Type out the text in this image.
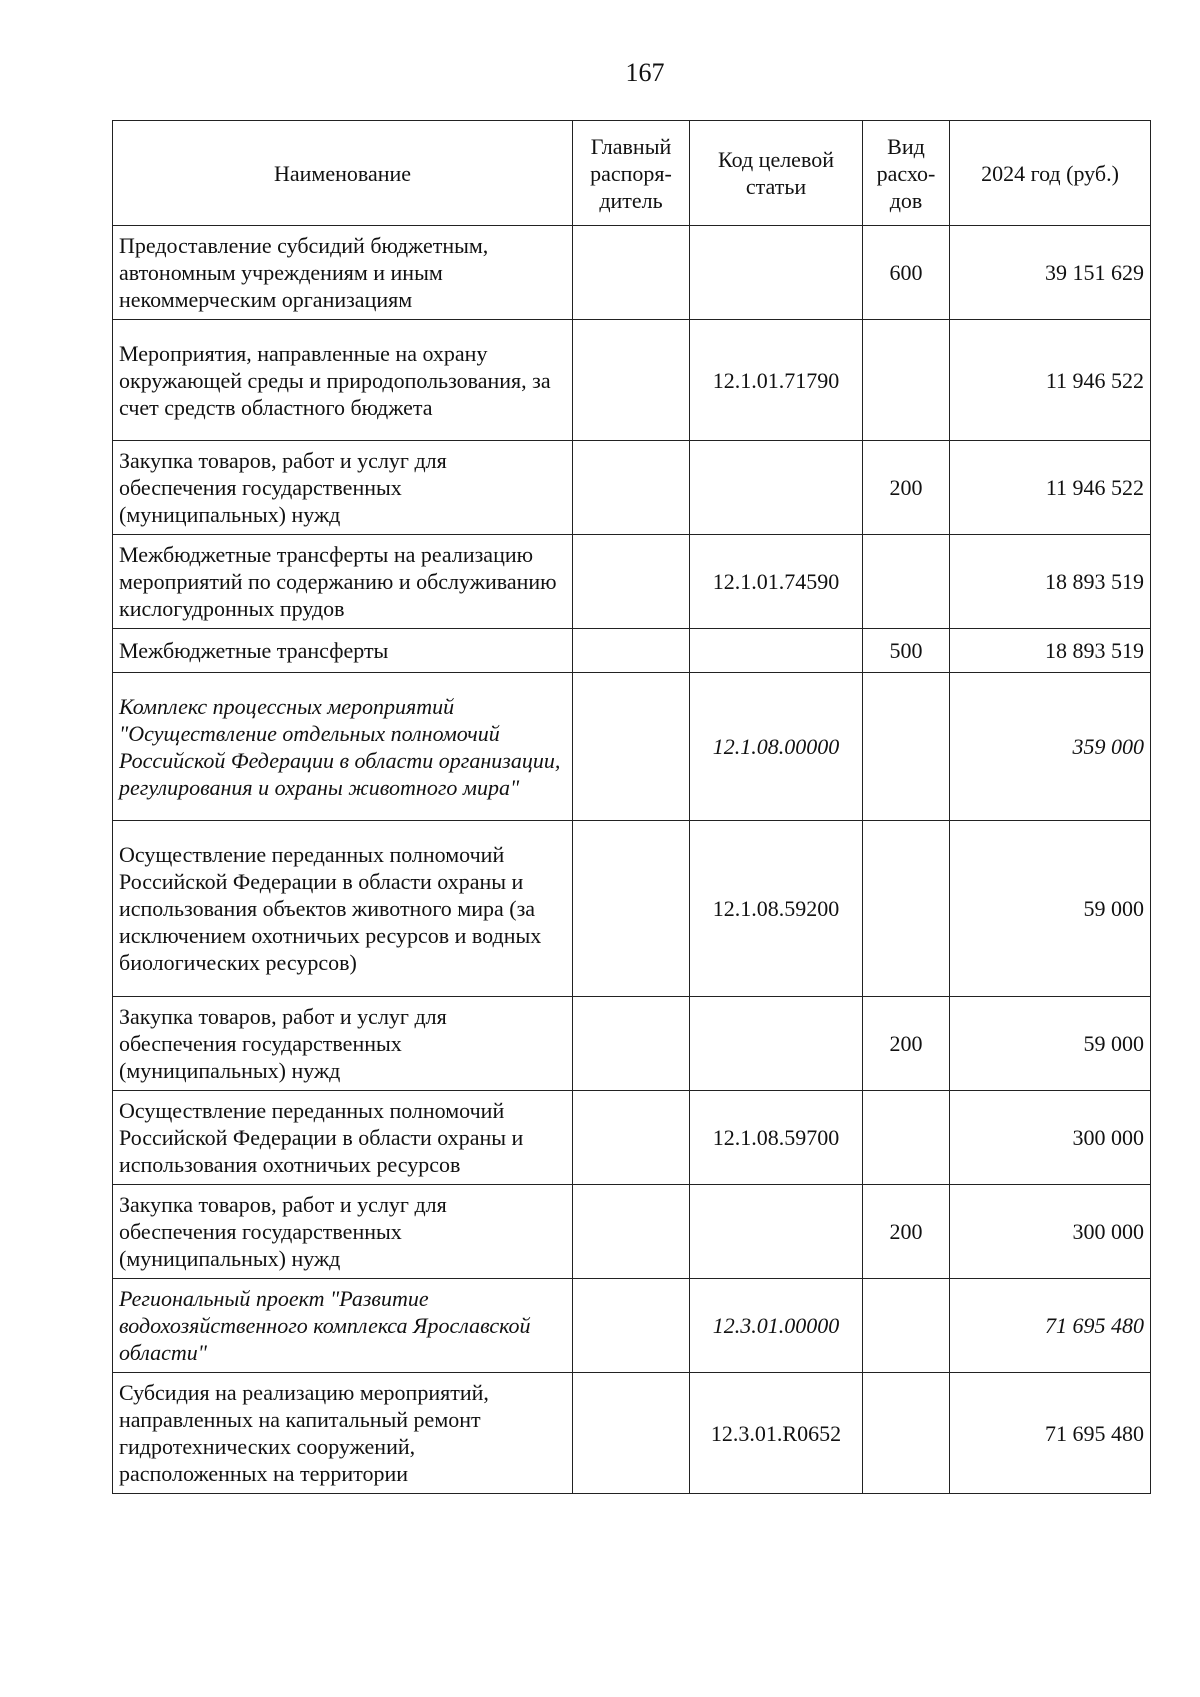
167
Наименование	Главный распоря-дитель	Код целевой статьи	Вид расхо-дов	2024 год (руб.)
Предоставление субсидий бюджетным, автономным учреждениям и иным некоммерческим организациям			600	39 151 629
Мероприятия, направленные на охрану окружающей среды и природопользования, за счет средств областного бюджета		12.1.01.71790		11 946 522
Закупка товаров, работ и услуг для обеспечения государственных (муниципальных) нужд			200	11 946 522
Межбюджетные трансферты на реализацию мероприятий по содержанию и обслуживанию кислогудронных прудов		12.1.01.74590		18 893 519
Межбюджетные трансферты			500	18 893 519
Комплекс процессных мероприятий "Осуществление отдельных полномочий Российской Федерации в области организации, регулирования и охраны животного мира"		12.1.08.00000		359 000
Осуществление переданных полномочий Российской Федерации в области охраны и использования объектов животного мира (за исключением охотничьих ресурсов и водных биологических ресурсов)		12.1.08.59200		59 000
Закупка товаров, работ и услуг для обеспечения государственных (муниципальных) нужд			200	59 000
Осуществление переданных полномочий Российской Федерации в области охраны и использования охотничьих ресурсов		12.1.08.59700		300 000
Закупка товаров, работ и услуг для обеспечения государственных (муниципальных) нужд			200	300 000
Региональный проект "Развитие водохозяйственного комплекса Ярославской области"		12.3.01.00000		71 695 480
Субсидия на реализацию мероприятий, направленных на капитальный ремонт гидротехнических сооружений, расположенных на территории		12.3.01.R0652		71 695 480
